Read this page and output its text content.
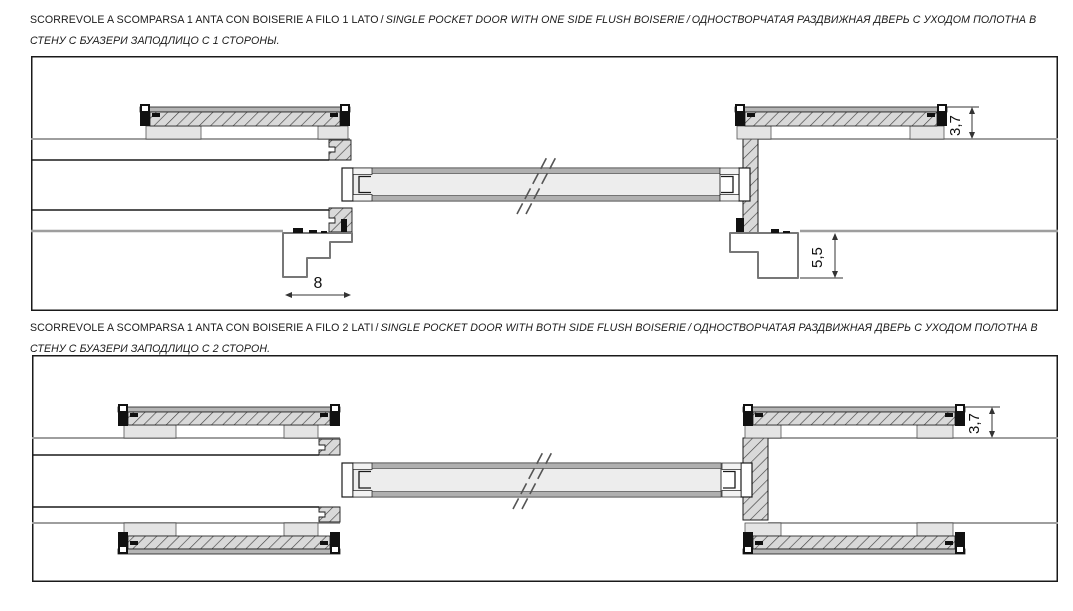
SCORREVOLE A SCOMPARSA 1 ANTA CON BOISERIE A FILO 1 LATO / SINGLE POCKET DOOR WITH ONE SIDE FLUSH BOISERIE / ОДНОСТВОРЧАТАЯ РАЗДВИЖНАЯ ДВЕРЬ С УХОДОМ ПОЛОТНА В СТЕНУ С БУАЗЕРИ ЗАПОДЛИЦО С 1 СТОРОНЫ.
3,7
5,5
8
SCORREVOLE A SCOMPARSA 1 ANTA CON BOISERIE A FILO 2 LATI / SINGLE POCKET DOOR WITH BOTH SIDE FLUSH BOISERIE / ОДНОСТВОРЧАТАЯ РАЗДВИЖНАЯ ДВЕРЬ С УХОДОМ ПОЛОТНА В СТЕНУ С БУАЗЕРИ ЗАПОДЛИЦО С 2 СТОРОН.
3,7
